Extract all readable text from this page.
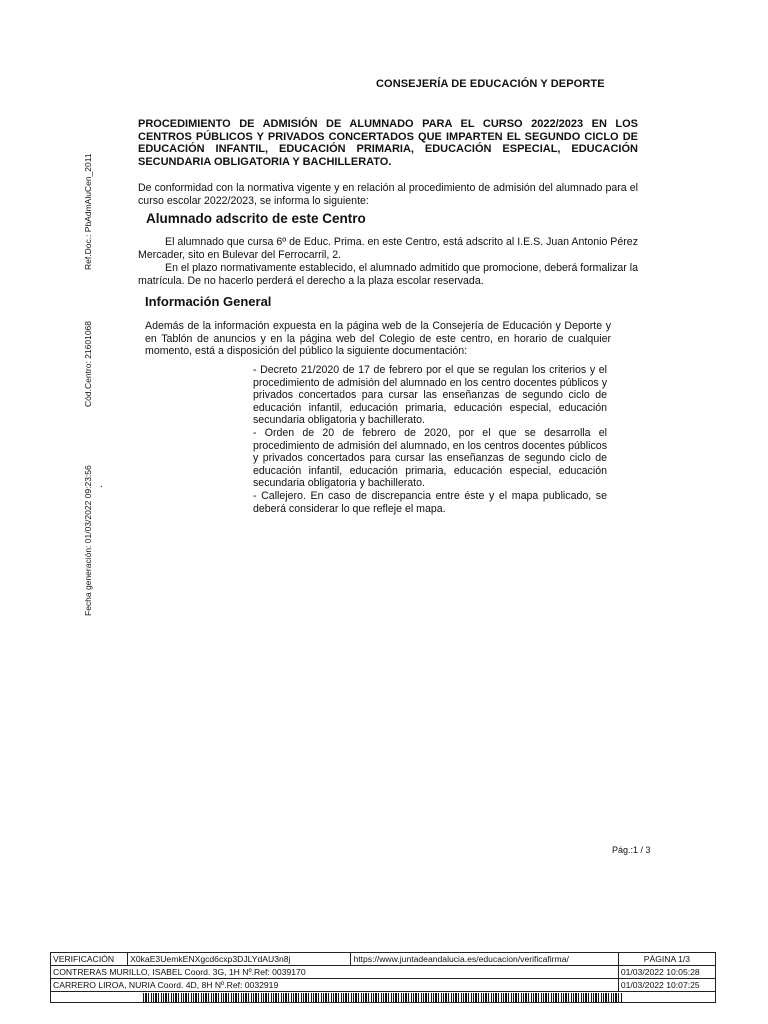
CONSEJERÍA DE EDUCACIÓN Y DEPORTE
PROCEDIMIENTO DE ADMISIÓN DE ALUMNADO PARA EL CURSO 2022/2023 EN LOS CENTROS PÚBLICOS Y PRIVADOS CONCERTADOS QUE IMPARTEN EL SEGUNDO CICLO DE EDUCACIÓN INFANTIL, EDUCACIÓN PRIMARIA, EDUCACIÓN ESPECIAL, EDUCACIÓN SECUNDARIA OBLIGATORIA Y BACHILLERATO.
De conformidad con la normativa vigente y en relación al procedimiento de admisión del alumnado para el curso escolar 2022/2023, se informa lo siguiente:
Alumnado adscrito de este Centro
El alumnado que cursa 6º de Educ. Prima. en este Centro, está adscrito al I.E.S. Juan Antonio Pérez Mercader, sito en Bulevar del Ferrocarril, 2.
En el plazo normativamente establecido, el alumnado admitido que promocione, deberá formalizar la matrícula. De no hacerlo perderá el derecho a la plaza escolar reservada.
Información General
Además de la información expuesta en la página web de la Consejería de Educación y Deporte y en Tablón de anuncios y en la página web del Colegio de este centro, en horario de cualquier momento, está a disposición del público la siguiente documentación:
- Decreto 21/2020 de 17 de febrero por el que se regulan los criterios y el procedimiento de admisión del alumnado en los centro docentes públicos y privados concertados para cursar las enseñanzas de segundo ciclo de educación infantil, educación primaria, educación especial, educación secundaria obligatoria y bachillerato.
- Orden de 20 de febrero de 2020, por el que se desarrolla el procedimiento de admisión del alumnado, en los centros docentes públicos y privados concertados para cursar las enseñanzas de segundo ciclo de educación infantil, educación primaria, educación especial, educación secundaria obligatoria y bachillerato.
- Callejero. En caso de discrepancia entre éste y el mapa publicado, se deberá considerar lo que refleje el mapa.
.
Ref.Doc.: PbAdmAluCen_2011
Cód.Centro: 21601068
Fecha generación: 01/03/2022 09:23:56
Pág.:1 / 3
VERIFICACIÓN	X0kaE3UemkENXgcd6cxp3DJLYdAU3n8j	https://www.juntadeandalucia.es/educacion/verificafirma/	PÁGINA 1/3
CONTRERAS MURILLO, ISABEL Coord. 3G, 1H Nº.Ref: 0039170			01/03/2022 10:05:28
CARRERO LIROA, NURIA Coord. 4D, 8H Nº.Ref: 0032919			01/03/2022 10:07:25
